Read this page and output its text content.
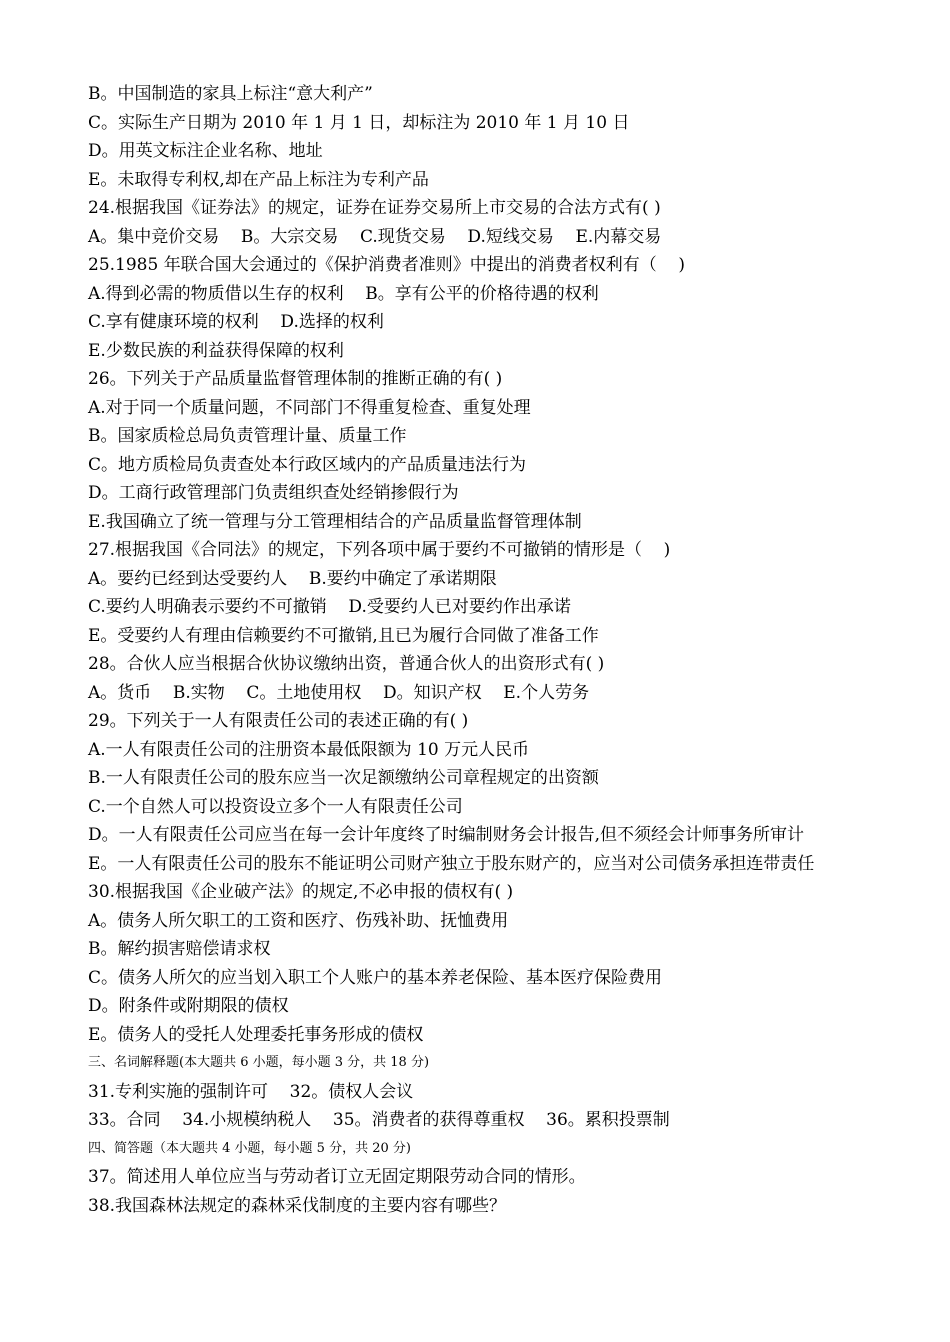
B。中国制造的家具上标注“意大利产”

C。实际生产日期为 2010 年 1 月 1 日，却标注为 2010 年 1 月 10 日

D。用英文标注企业名称、地址

E。未取得专利权,却在产品上标注为专利产品

24.根据我国《证券法》的规定，证券在证券交易所上市交易的合法方式有( )

A。集中竞价交易    B。大宗交易    C.现货交易    D.短线交易    E.内幕交易

25.1985 年联合国大会通过的《保护消费者准则》中提出的消费者权利有（    )

A.得到必需的物质借以生存的权利    B。享有公平的价格待遇的权利

C.享有健康环境的权利    D.选择的权利

E.少数民族的利益获得保障的权利

26。下列关于产品质量监督管理体制的推断正确的有( )

A.对于同一个质量问题，不同部门不得重复检查、重复处理

B。国家质检总局负责管理计量、质量工作

C。地方质检局负责查处本行政区域内的产品质量违法行为

D。工商行政管理部门负责组织查处经销掺假行为

E.我国确立了统一管理与分工管理相结合的产品质量监督管理体制

27.根据我国《合同法》的规定，下列各项中属于要约不可撤销的情形是（    )

A。要约已经到达受要约人    B.要约中确定了承诺期限

C.要约人明确表示要约不可撤销    D.受要约人已对要约作出承诺

E。受要约人有理由信赖要约不可撤销,且已为履行合同做了准备工作

28。合伙人应当根据合伙协议缴纳出资，普通合伙人的出资形式有( )

A。货币    B.实物    C。土地使用权    D。知识产权    E.个人劳务

29。下列关于一人有限责任公司的表述正确的有( )

A.一人有限责任公司的注册资本最低限额为 10 万元人民币

B.一人有限责任公司的股东应当一次足额缴纳公司章程规定的出资额

C.一个自然人可以投资设立多个一人有限责任公司

D。一人有限责任公司应当在每一会计年度终了时编制财务会计报告,但不须经会计师事务所审计

E。一人有限责任公司的股东不能证明公司财产独立于股东财产的，应当对公司债务承担连带责任

30.根据我国《企业破产法》的规定,不必申报的债权有( )

A。债务人所欠职工的工资和医疗、伤残补助、抚恤费用

B。解约损害赔偿请求权

C。债务人所欠的应当划入职工个人账户的基本养老保险、基本医疗保险费用

D。附条件或附期限的债权

E。债务人的受托人处理委托事务形成的债权

三、名词解释题(本大题共 6 小题，每小题 3 分，共 18 分)

31.专利实施的强制许可    32。债权人会议

33。合同    34.小规模纳税人    35。消费者的获得尊重权    36。累积投票制

四、简答题（本大题共 4 小题，每小题 5 分，共 20 分)

37。简述用人单位应当与劳动者订立无固定期限劳动合同的情形。

38.我国森林法规定的森林采伐制度的主要内容有哪些？
